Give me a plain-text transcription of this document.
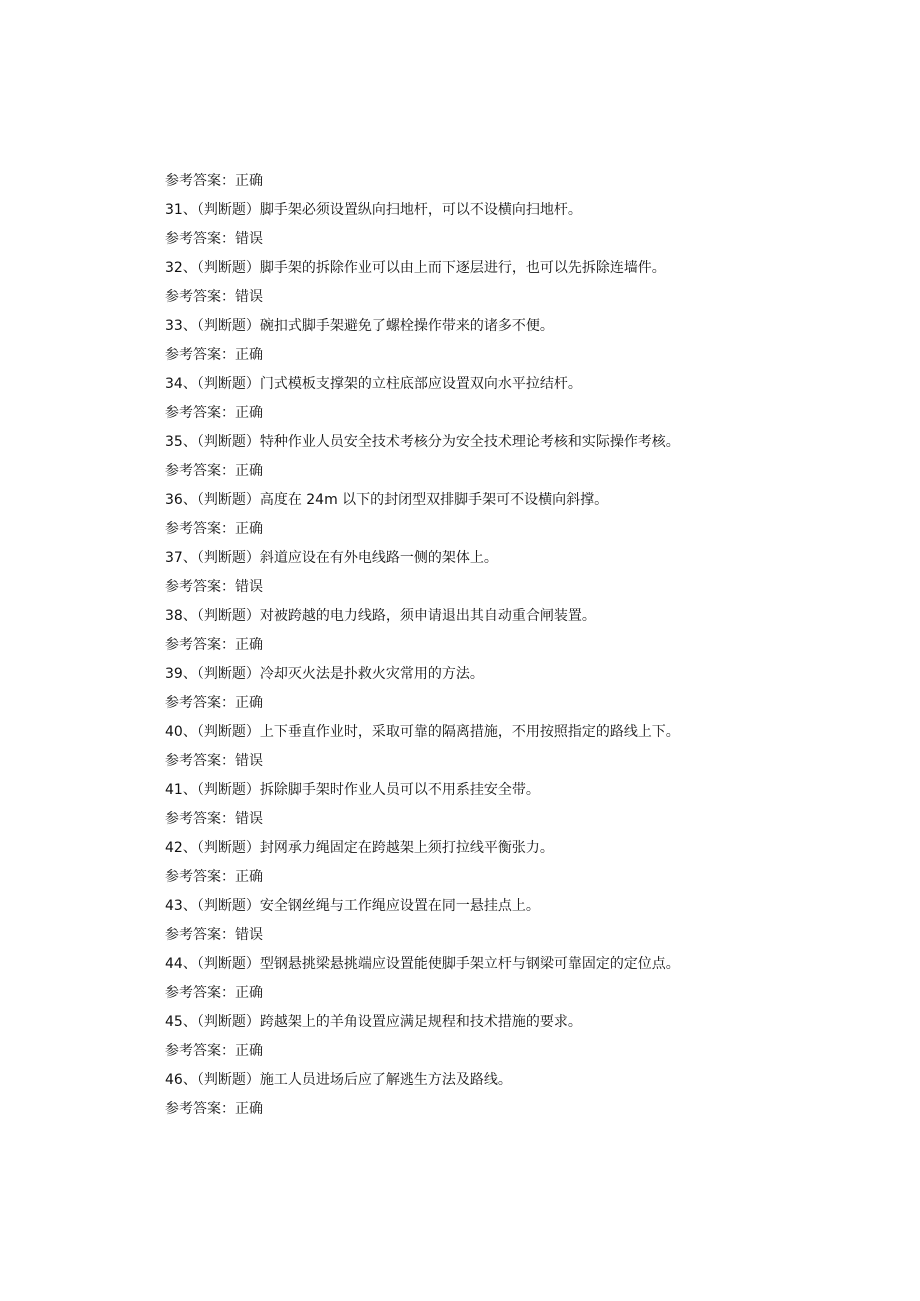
参考答案：正确
31、（判断题）脚手架必须设置纵向扫地杆，可以不设横向扫地杆。
参考答案：错误
32、（判断题）脚手架的拆除作业可以由上而下逐层进行，也可以先拆除连墙件。
参考答案：错误
33、（判断题）碗扣式脚手架避免了螺栓操作带来的诸多不便。
参考答案：正确
34、（判断题）门式模板支撑架的立柱底部应设置双向水平拉结杆。
参考答案：正确
35、（判断题）特种作业人员安全技术考核分为安全技术理论考核和实际操作考核。
参考答案：正确
36、（判断题）高度在 24m 以下的封闭型双排脚手架可不设横向斜撑。
参考答案：正确
37、（判断题）斜道应设在有外电线路一侧的架体上。
参考答案：错误
38、（判断题）对被跨越的电力线路，须申请退出其自动重合闸装置。
参考答案：正确
39、（判断题）冷却灭火法是扑救火灾常用的方法。
参考答案：正确
40、（判断题）上下垂直作业时，采取可靠的隔离措施，不用按照指定的路线上下。
参考答案：错误
41、（判断题）拆除脚手架时作业人员可以不用系挂安全带。
参考答案：错误
42、（判断题）封网承力绳固定在跨越架上须打拉线平衡张力。
参考答案：正确
43、（判断题）安全钢丝绳与工作绳应设置在同一悬挂点上。
参考答案：错误
44、（判断题）型钢悬挑梁悬挑端应设置能使脚手架立杆与钢梁可靠固定的定位点。
参考答案：正确
45、（判断题）跨越架上的羊角设置应满足规程和技术措施的要求。
参考答案：正确
46、（判断题）施工人员进场后应了解逃生方法及路线。
参考答案：正确
